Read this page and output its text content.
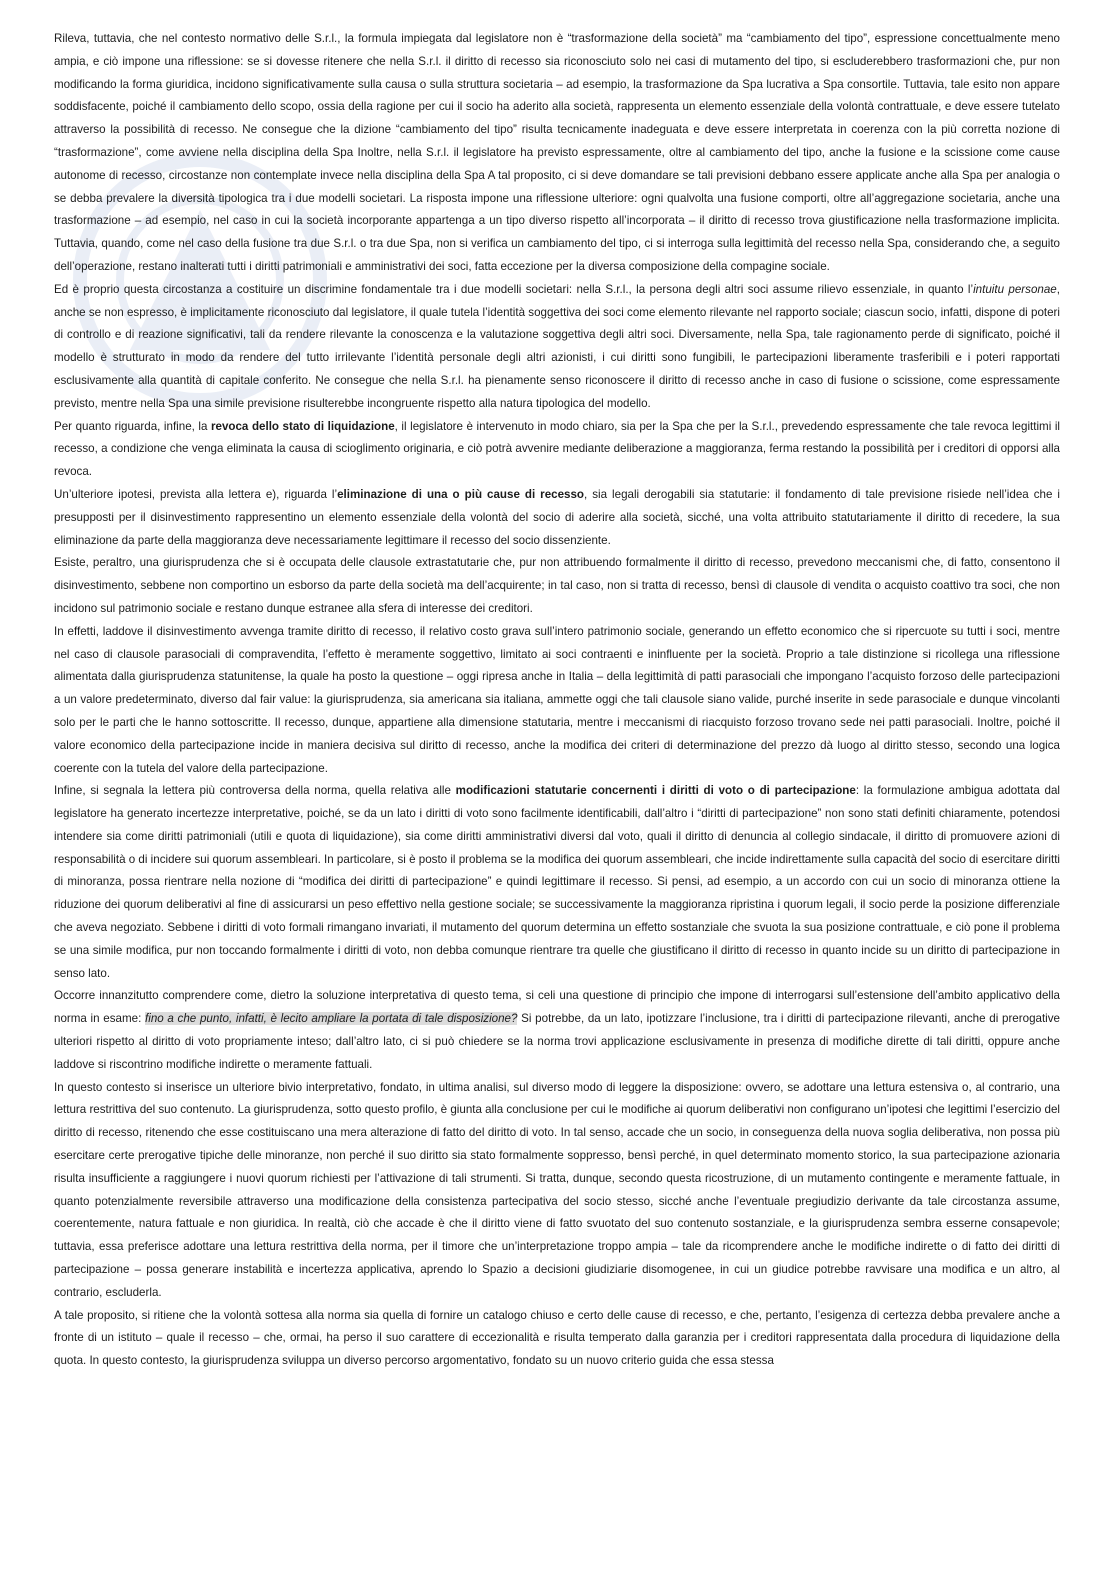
Rileva, tuttavia, che nel contesto normativo delle S.r.l., la formula impiegata dal legislatore non è “trasformazione della società” ma “cambiamento del tipo”, espressione concettualmente meno ampia, e ciò impone una riflessione: se si dovesse ritenere che nella S.r.l. il diritto di recesso sia riconosciuto solo nei casi di mutamento del tipo, si escluderebbero trasformazioni che, pur non modificando la forma giuridica, incidono significativamente sulla causa o sulla struttura societaria – ad esempio, la trasformazione da Spa lucrativa a Spa consortile. Tuttavia, tale esito non appare soddisfacente, poiché il cambiamento dello scopo, ossia della ragione per cui il socio ha aderito alla società, rappresenta un elemento essenziale della volontà contrattuale, e deve essere tutelato attraverso la possibilità di recesso. Ne consegue che la dizione “cambiamento del tipo” risulta tecnicamente inadeguata e deve essere interpretata in coerenza con la più corretta nozione di “trasformazione”, come avviene nella disciplina della Spa Inoltre, nella S.r.l. il legislatore ha previsto espressamente, oltre al cambiamento del tipo, anche la fusione e la scissione come cause autonome di recesso, circostanze non contemplate invece nella disciplina della Spa A tal proposito, ci si deve domandare se tali previsioni debbano essere applicate anche alla Spa per analogia o se debba prevalere la diversità tipologica tra i due modelli societari. La risposta impone una riflessione ulteriore: ogni qualvolta una fusione comporti, oltre all’aggregazione societaria, anche una trasformazione – ad esempio, nel caso in cui la società incorporante appartenga a un tipo diverso rispetto all’incorporata – il diritto di recesso trova giustificazione nella trasformazione implicita. Tuttavia, quando, come nel caso della fusione tra due S.r.l. o tra due Spa, non si verifica un cambiamento del tipo, ci si interroga sulla legittimità del recesso nella Spa, considerando che, a seguito dell’operazione, restano inalterati tutti i diritti patrimoniali e amministrativi dei soci, fatta eccezione per la diversa composizione della compagine sociale.

Ed è proprio questa circostanza a costituire un discrimine fondamentale tra i due modelli societari: nella S.r.l., la persona degli altri soci assume rilievo essenziale, in quanto l’intuitu personae, anche se non espresso, è implicitamente riconosciuto dal legislatore, il quale tutela l’identità soggettiva dei soci come elemento rilevante nel rapporto sociale; ciascun socio, infatti, dispone di poteri di controllo e di reazione significativi, tali da rendere rilevante la conoscenza e la valutazione soggettiva degli altri soci. Diversamente, nella Spa, tale ragionamento perde di significato, poiché il modello è strutturato in modo da rendere del tutto irrilevante l’identità personale degli altri azionisti, i cui diritti sono fungibili, le partecipazioni liberamente trasferibili e i poteri rapportati esclusivamente alla quantità di capitale conferito. Ne consegue che nella S.r.l. ha pienamente senso riconoscere il diritto di recesso anche in caso di fusione o scissione, come espressamente previsto, mentre nella Spa una simile previsione risulterebbe incongruente rispetto alla natura tipologica del modello.

Per quanto riguarda, infine, la revoca dello stato di liquidazione, il legislatore è intervenuto in modo chiaro, sia per la Spa che per la S.r.l., prevedendo espressamente che tale revoca legittimi il recesso, a condizione che venga eliminata la causa di scioglimento originaria, e ciò potrà avvenire mediante deliberazione a maggioranza, ferma restando la possibilità per i creditori di opporsi alla revoca.

Un’ulteriore ipotesi, prevista alla lettera e), riguarda l’eliminazione di una o più cause di recesso, sia legali derogabili sia statutarie: il fondamento di tale previsione risiede nell’idea che i presupposti per il disinvestimento rappresentino un elemento essenziale della volontà del socio di aderire alla società, sicché, una volta attribuito statutariamente il diritto di recedere, la sua eliminazione da parte della maggioranza deve necessariamente legittimare il recesso del socio dissenziente.

Esiste, peraltro, una giurisprudenza che si è occupata delle clausole extrastatutarie che, pur non attribuendo formalmente il diritto di recesso, prevedono meccanismi che, di fatto, consentono il disinvestimento, sebbene non comportino un esborso da parte della società ma dell’acquirente; in tal caso, non si tratta di recesso, bensì di clausole di vendita o acquisto coattivo tra soci, che non incidono sul patrimonio sociale e restano dunque estranee alla sfera di interesse dei creditori.

In effetti, laddove il disinvestimento avvenga tramite diritto di recesso, il relativo costo grava sull’intero patrimonio sociale, generando un effetto economico che si ripercuote su tutti i soci, mentre nel caso di clausole parasociali di compravendita, l’effetto è meramente soggettivo, limitato ai soci contraenti e ininfluente per la società. Proprio a tale distinzione si ricollega una riflessione alimentata dalla giurisprudenza statunitense, la quale ha posto la questione – oggi ripresa anche in Italia – della legittimità di patti parasociali che impongano l’acquisto forzoso delle partecipazioni a un valore predeterminato, diverso dal fair value: la giurisprudenza, sia americana sia italiana, ammette oggi che tali clausole siano valide, purché inserite in sede parasociale e dunque vincolanti solo per le parti che le hanno sottoscritte. Il recesso, dunque, appartiene alla dimensione statutaria, mentre i meccanismi di riacquisto forzoso trovano sede nei patti parasociali. Inoltre, poiché il valore economico della partecipazione incide in maniera decisiva sul diritto di recesso, anche la modifica dei criteri di determinazione del prezzo dà luogo al diritto stesso, secondo una logica coerente con la tutela del valore della partecipazione.

Infine, si segnala la lettera più controversa della norma, quella relativa alle modificazioni statutarie concernenti i diritti di voto o di partecipazione: la formulazione ambigua adottata dal legislatore ha generato incertezze interpretative, poiché, se da un lato i diritti di voto sono facilmente identificabili, dall’altro i “diritti di partecipazione” non sono stati definiti chiaramente, potendosi intendere sia come diritti patrimoniali (utili e quota di liquidazione), sia come diritti amministrativi diversi dal voto, quali il diritto di denuncia al collegio sindacale, il diritto di promuovere azioni di responsabilità o di incidere sui quorum assembleari. In particolare, si è posto il problema se la modifica dei quorum assembleari, che incide indirettamente sulla capacità del socio di esercitare diritti di minoranza, possa rientrare nella nozione di “modifica dei diritti di partecipazione” e quindi legittimare il recesso. Si pensi, ad esempio, a un accordo con cui un socio di minoranza ottiene la riduzione dei quorum deliberativi al fine di assicurarsi un peso effettivo nella gestione sociale; se successivamente la maggioranza ripristina i quorum legali, il socio perde la posizione differenziale che aveva negoziato. Sebbene i diritti di voto formali rimangano invariati, il mutamento del quorum determina un effetto sostanziale che svuota la sua posizione contrattuale, e ciò pone il problema se una simile modifica, pur non toccando formalmente i diritti di voto, non debba comunque rientrare tra quelle che giustificano il diritto di recesso in quanto incide su un diritto di partecipazione in senso lato.

Occorre innanzitutto comprendere come, dietro la soluzione interpretativa di questo tema, si celi una questione di principio che impone di interrogarsi sull’estensione dell’ambito applicativo della norma in esame: fino a che punto, infatti, è lecito ampliare la portata di tale disposizione? Si potrebbe, da un lato, ipotizzare l’inclusione, tra i diritti di partecipazione rilevanti, anche di prerogative ulteriori rispetto al diritto di voto propriamente inteso; dall’altro lato, ci si può chiedere se la norma trovi applicazione esclusivamente in presenza di modifiche dirette di tali diritti, oppure anche laddove si riscontrino modifiche indirette o meramente fattuali.

In questo contesto si inserisce un ulteriore bivio interpretativo, fondato, in ultima analisi, sul diverso modo di leggere la disposizione: ovvero, se adottare una lettura estensiva o, al contrario, una lettura restrittiva del suo contenuto. La giurisprudenza, sotto questo profilo, è giunta alla conclusione per cui le modifiche ai quorum deliberativi non configurano un’ipotesi che legittimi l’esercizio del diritto di recesso, ritenendo che esse costituiscano una mera alterazione di fatto del diritto di voto. In tal senso, accade che un socio, in conseguenza della nuova soglia deliberativa, non possa più esercitare certe prerogative tipiche delle minoranze, non perché il suo diritto sia stato formalmente soppresso, bensì perché, in quel determinato momento storico, la sua partecipazione azionaria risulta insufficiente a raggiungere i nuovi quorum richiesti per l’attivazione di tali strumenti. Si tratta, dunque, secondo questa ricostruzione, di un mutamento contingente e meramente fattuale, in quanto potenzialmente reversibile attraverso una modificazione della consistenza partecipativa del socio stesso, sicché anche l’eventuale pregiudizio derivante da tale circostanza assume, coerentemente, natura fattuale e non giuridica. In realtà, ciò che accade è che il diritto viene di fatto svuotato del suo contenuto sostanziale, e la giurisprudenza sembra esserne consapevole; tuttavia, essa preferisce adottare una lettura restrittiva della norma, per il timore che un’interpretazione troppo ampia – tale da ricomprendere anche le modifiche indirette o di fatto dei diritti di partecipazione – possa generare instabilità e incertezza applicativa, aprendo lo Spazio a decisioni giudiziarie disomogenee, in cui un giudice potrebbe ravvisare una modifica e un altro, al contrario, escluderla.

A tale proposito, si ritiene che la volontà sottesa alla norma sia quella di fornire un catalogo chiuso e certo delle cause di recesso, e che, pertanto, l’esigenza di certezza debba prevalere anche a fronte di un istituto – quale il recesso – che, ormai, ha perso il suo carattere di eccezionalità e risulta temperato dalla garanzia per i creditori rappresentata dalla procedura di liquidazione della quota. In questo contesto, la giurisprudenza sviluppa un diverso percorso argomentativo, fondato su un nuovo criterio guida che essa stessa
